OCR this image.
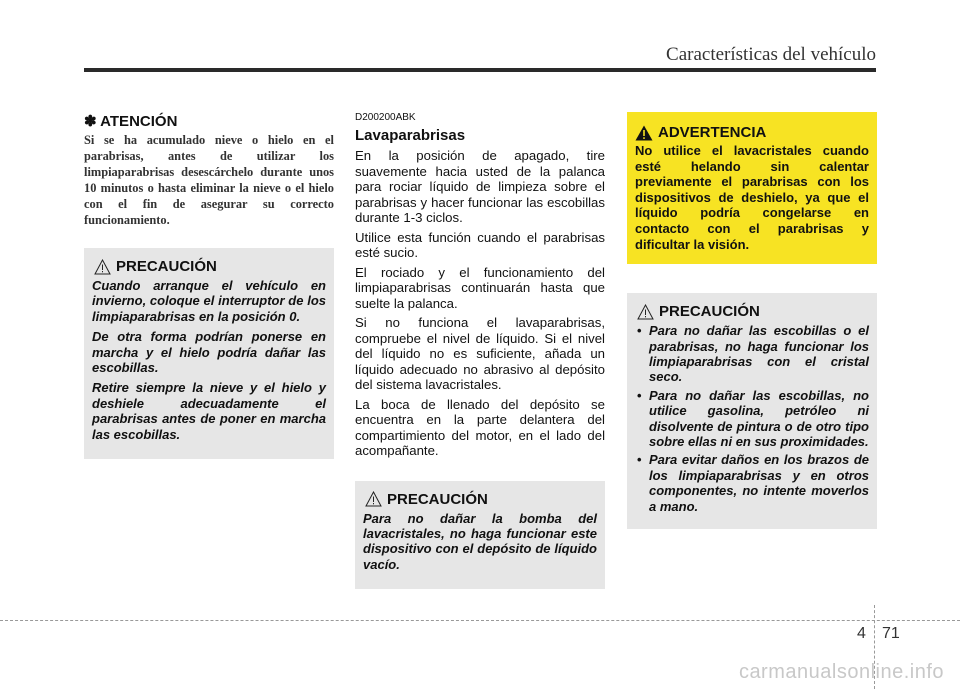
Características del vehículo
✽ ATENCIÓN
Si se ha acumulado nieve o hielo en el parabrisas, antes de utilizar los limpiaparabrisas desescárchelo durante unos 10 minutos o hasta eliminar la nieve o el hielo con el fin de asegurar su correcto funcionamiento.
PRECAUCIÓN

Cuando arranque el vehículo en invierno, coloque el interruptor de los limpiaparabrisas en la posición 0.

De otra forma podrían ponerse en marcha y el hielo podría dañar las escobillas.

Retire siempre la nieve y el hielo y deshiele adecuadamente el parabrisas antes de poner en marcha las escobillas.

D200200ABK
Lavaparabrisas

En la posición de apagado, tire suavemente hacia usted de la palanca para rociar líquido de limpieza sobre el parabrisas y hacer funcionar las escobillas durante 1-3 ciclos.

Utilice esta función cuando el parabrisas esté sucio.

El rociado y el funcionamiento del limpiaparabrisas continuarán hasta que suelte la palanca.

Si no funciona el lavaparabrisas, compruebe el nivel de líquido. Si el nivel del líquido no es suficiente, añada un líquido adecuado no abrasivo al depósito del sistema lavacristales.

La boca de llenado del depósito se encuentra en la parte delantera del compartimiento del motor, en el lado del acompañante.

PRECAUCIÓN

Para no dañar la bomba del lavacristales, no haga funcionar este dispositivo con el depósito de líquido vacío.

ADVERTENCIA

No utilice el lavacristales cuando esté helando sin calentar previamente el parabrisas con los dispositivos de deshielo, ya que el líquido podría congelarse en contacto con el parabrisas y dificultar la visión.

PRECAUCIÓN
• Para no dañar las escobillas o el parabrisas, no haga funcionar los limpiaparabrisas con el cristal seco.
• Para no dañar las escobillas, no utilice gasolina, petróleo ni disolvente de pintura o de otro tipo sobre ellas ni en sus proximidades.
• Para evitar daños en los brazos de los limpiaparabrisas y en otros componentes, no intente moverlos a mano.
4 71
carmanualsonline.info
